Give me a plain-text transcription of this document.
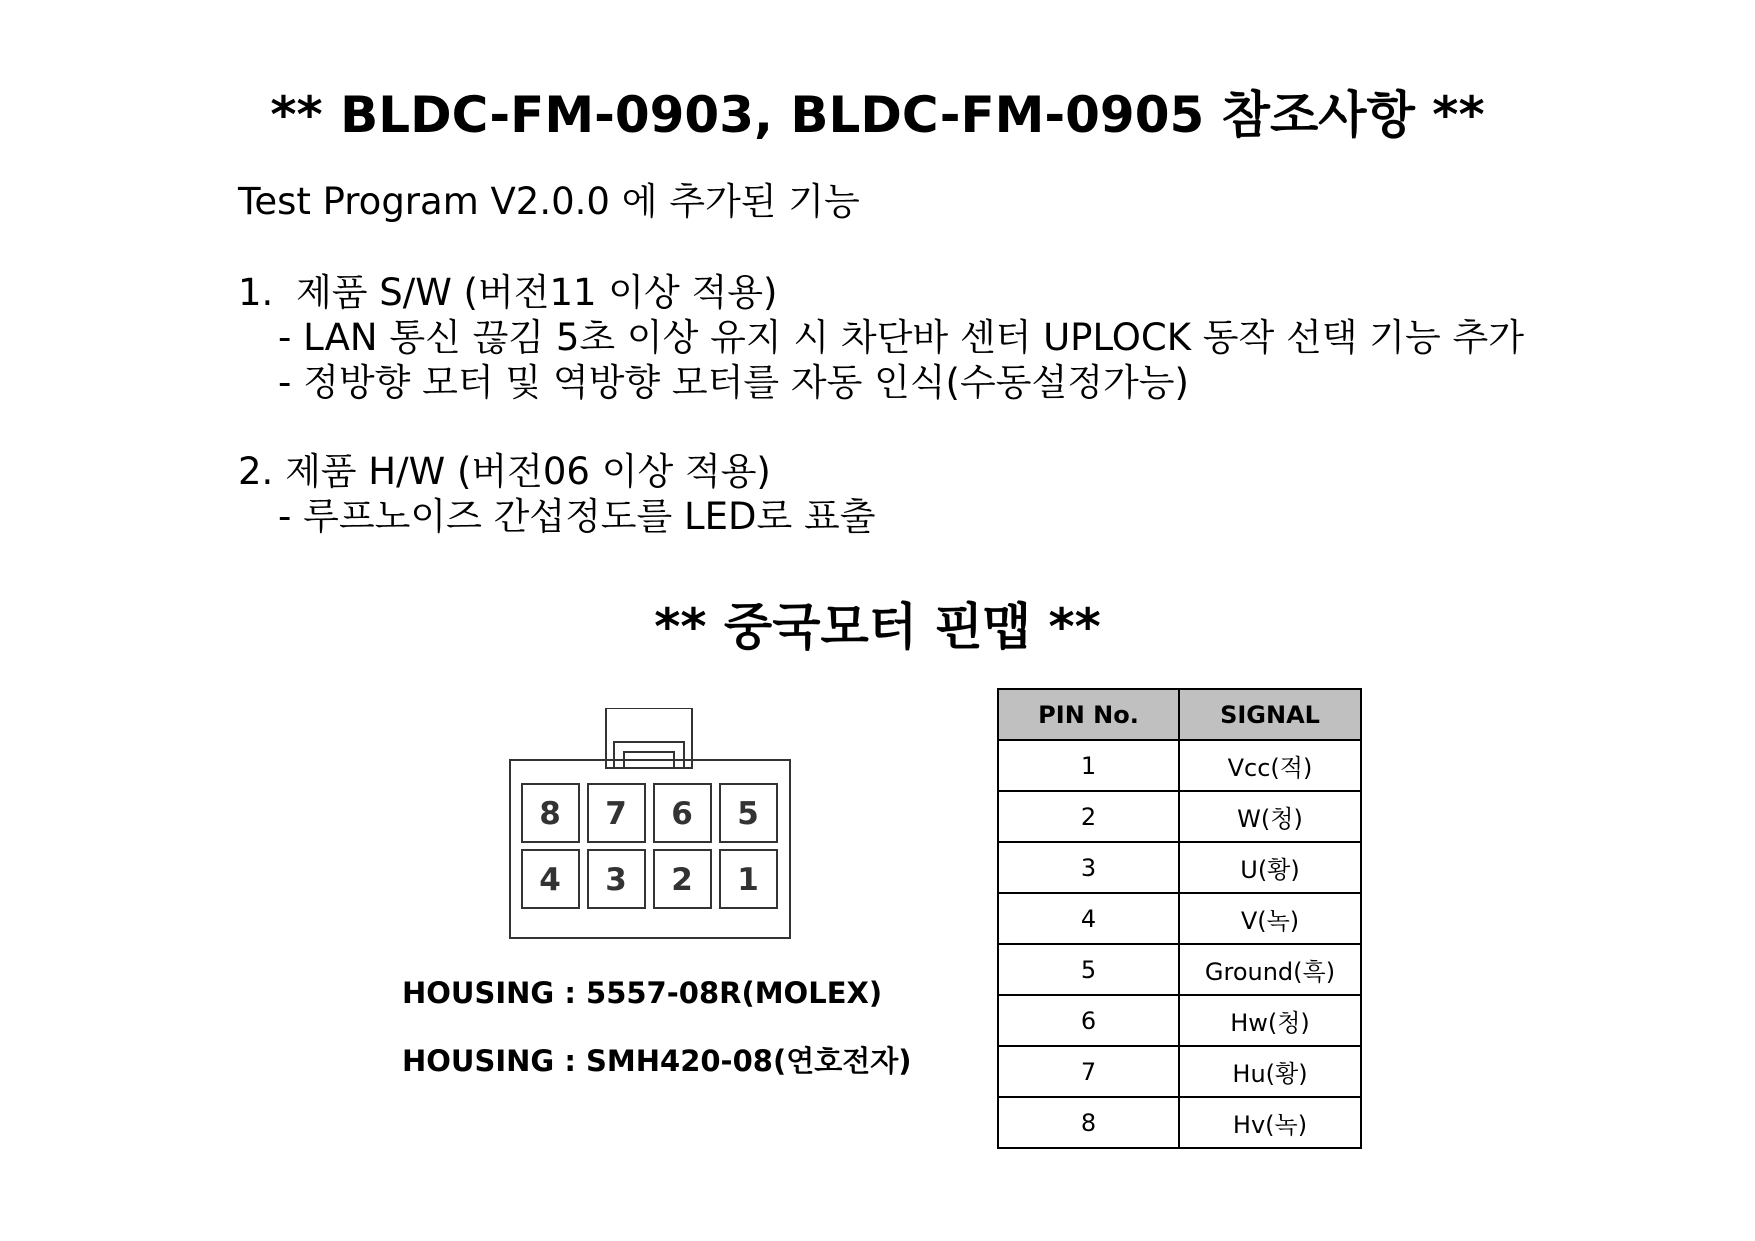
** BLDC-FM-0903, BLDC-FM-0905 참조사항 **
Test Program V2.0.0 에 추가된 기능
1. 제품 S/W (버전11 이상 적용)
- LAN 통신 끊김 5초 이상 유지 시 차단바 센터 UPLOCK 동작 선택 기능 추가
- 정방향 모터 및 역방향 모터를 자동 인식(수동설정가능)
2. 제품 H/W (버전06 이상 적용)
- 루프노이즈 간섭정도를 LED로 표출
** 중국모터 핀맵 **
8 7 6 5
4 3 2 1
HOUSING : 5557-08R(MOLEX)
HOUSING : SMH420-08(연호전자)
PIN No.	SIGNAL
1	Vcc(적)
2	W(청)
3	U(황)
4	V(녹)
5	Ground(흑)
6	Hw(청)
7	Hu(황)
8	Hv(녹)
